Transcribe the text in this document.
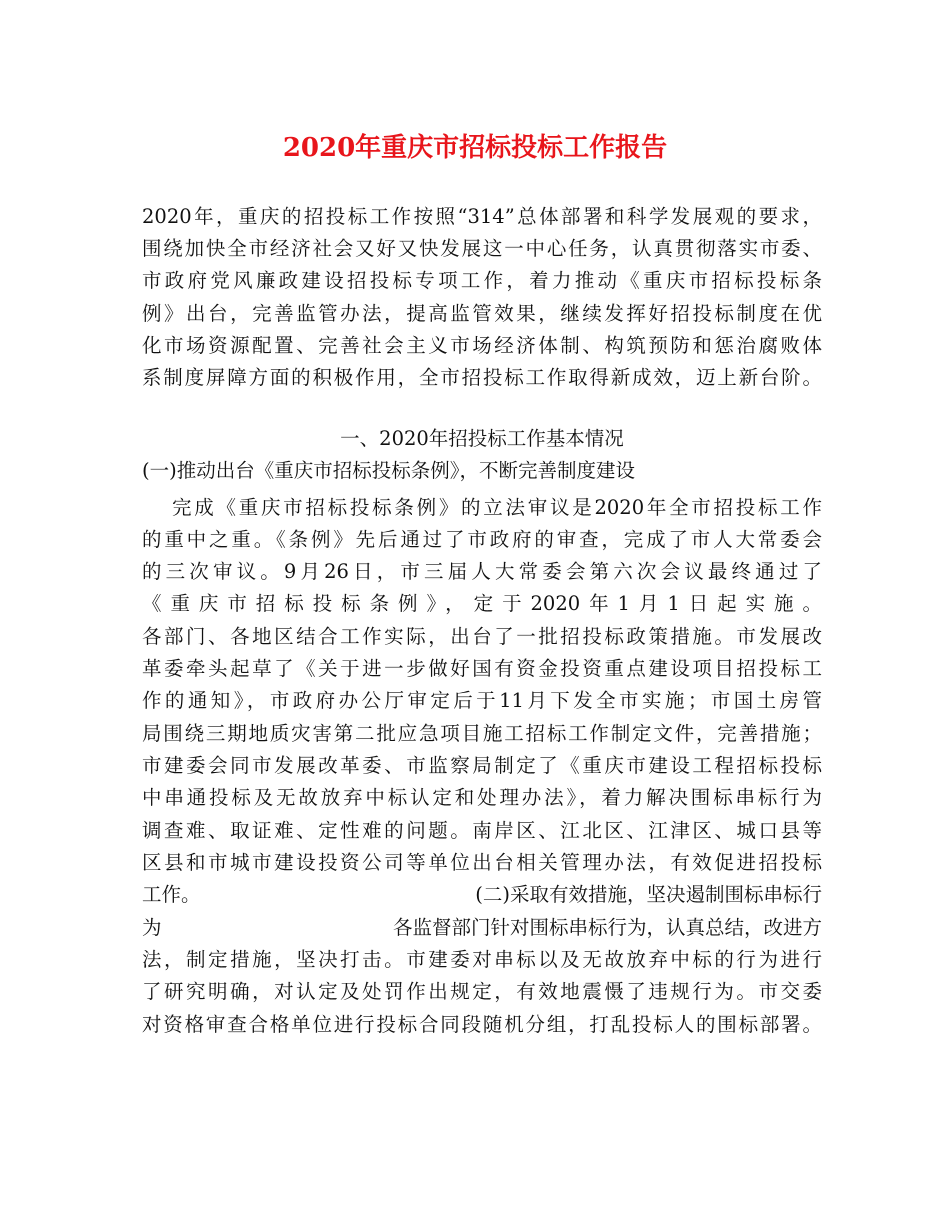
2020年重庆市招标投标工作报告
2020年，重庆的招投标工作按照“314”总体部署和科学发展观的要求，
围绕加快全市经济社会又好又快发展这一中心任务，认真贯彻落实市委、
市政府党风廉政建设招投标专项工作，着力推动《重庆市招标投标条
例》出台，完善监管办法，提高监管效果，继续发挥好招投标制度在优
化市场资源配置、完善社会主义市场经济体制、构筑预防和惩治腐败体
系制度屏障方面的积极作用，全市招投标工作取得新成效，迈上新台阶。
一、2020年招投标工作基本情况
(一)推动出台《重庆市招标投标条例》，不断完善制度建设
完成《重庆市招标投标条例》的立法审议是2020年全市招投标工作
的重中之重。《条例》先后通过了市政府的审查，完成了市人大常委会
的三次审议。9月26日，市三届人大常委会第六次会议最终通过了
《重庆市招标投标条例》，定于2020年1月1日起实施。
各部门、各地区结合工作实际，出台了一批招投标政策措施。市发展改
革委牵头起草了《关于进一步做好国有资金投资重点建设项目招投标工
作的通知》，市政府办公厅审定后于11月下发全市实施；市国土房管
局围绕三期地质灾害第二批应急项目施工招标工作制定文件，完善措施；
市建委会同市发展改革委、市监察局制定了《重庆市建设工程招标投标
中串通投标及无故放弃中标认定和处理办法》，着力解决围标串标行为
调查难、取证难、定性难的问题。南岸区、江北区、江津区、城口县等
区县和市城市建设投资公司等单位出台相关管理办法，有效促进招投标
工作。	(二)采取有效措施，坚决遏制围标串标行
为	各监督部门针对围标串标行为，认真总结，改进方
法，制定措施，坚决打击。市建委对串标以及无故放弃中标的行为进行
了研究明确，对认定及处罚作出规定，有效地震慑了违规行为。市交委
对资格审查合格单位进行投标合同段随机分组，打乱投标人的围标部署。
